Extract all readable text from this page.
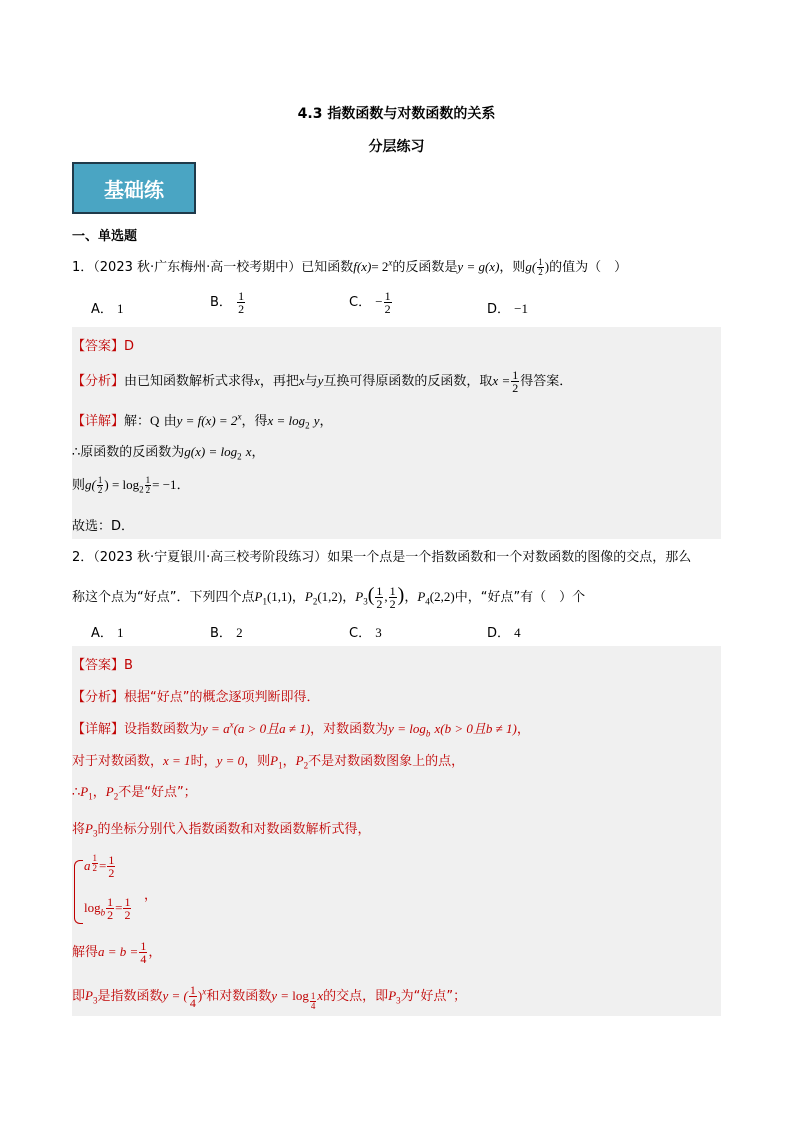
4.3 指数函数与对数函数的关系
分层练习
基础练
一、单选题
1．（2023 秋·广东梅州·高一校考期中）已知函数$f(x)= 2^x$的反函数是y = g(x)，则$g( \frac{1}{2}$ )的值为（　）
A． 1	B． $\frac{1}{2}$	C． − $\frac{1}{2}$	D． −1
【答案】D
【分析】由已知函数解析式求得x，再把x与y互换可得原函数的反函数，取$x = \frac{1}{2}$ 得答案．
【详解】解：Q 由$y = f(x) = 2^x$，得$x = \log_2 y$，
∴原函数的反函数为$g(x) = \log_2 x$，
则$g( \frac{1}{2}$ ) = $\log_2 \frac{1}{2} = -1$．
故选：D．
2．（2023 秋·宁夏银川·高三校考阶段练习）如果一个点是一个指数函数和一个对数函数的图像的交点，那么
称这个点为“好点”．下列四个点$P_1(1,1)$，$P_2(1,2)$，$P_3( \frac{1}{2}$ , $\frac{1}{2}$ )，$P_4(2,2)$中，“好点”有（　）个
A． 1	B． 2	C． 3	D． 4
【答案】B
【分析】根据“好点”的概念逐项判断即得．
【详解】设指数函数为$y = a^x(a > 0$且a ≠ 1)，对数函数为$y = \log_b x(b > 0$且b ≠ 1)，
对于对数函数，x = 1时，y = 0，则$P_1$，$P_2$不是对数函数图象上的点，
$\therefore P_1$，$P_2$不是“好点”；
将$P_3$的坐标分别代入指数函数和对数函数解析式得，
a $\frac{1}{2} = \frac{1}{2}$
$\log_b \frac{1}{2} = \frac{1}{2}$
，
解得$a = b = \frac{1}{4}$ ，
即$P_3$是指数函数y = ( $\frac{1}{4} )^x$和对数函数y = log $_{\frac{1}{4}}$ x的交点，即$P_3$为“好点”；
